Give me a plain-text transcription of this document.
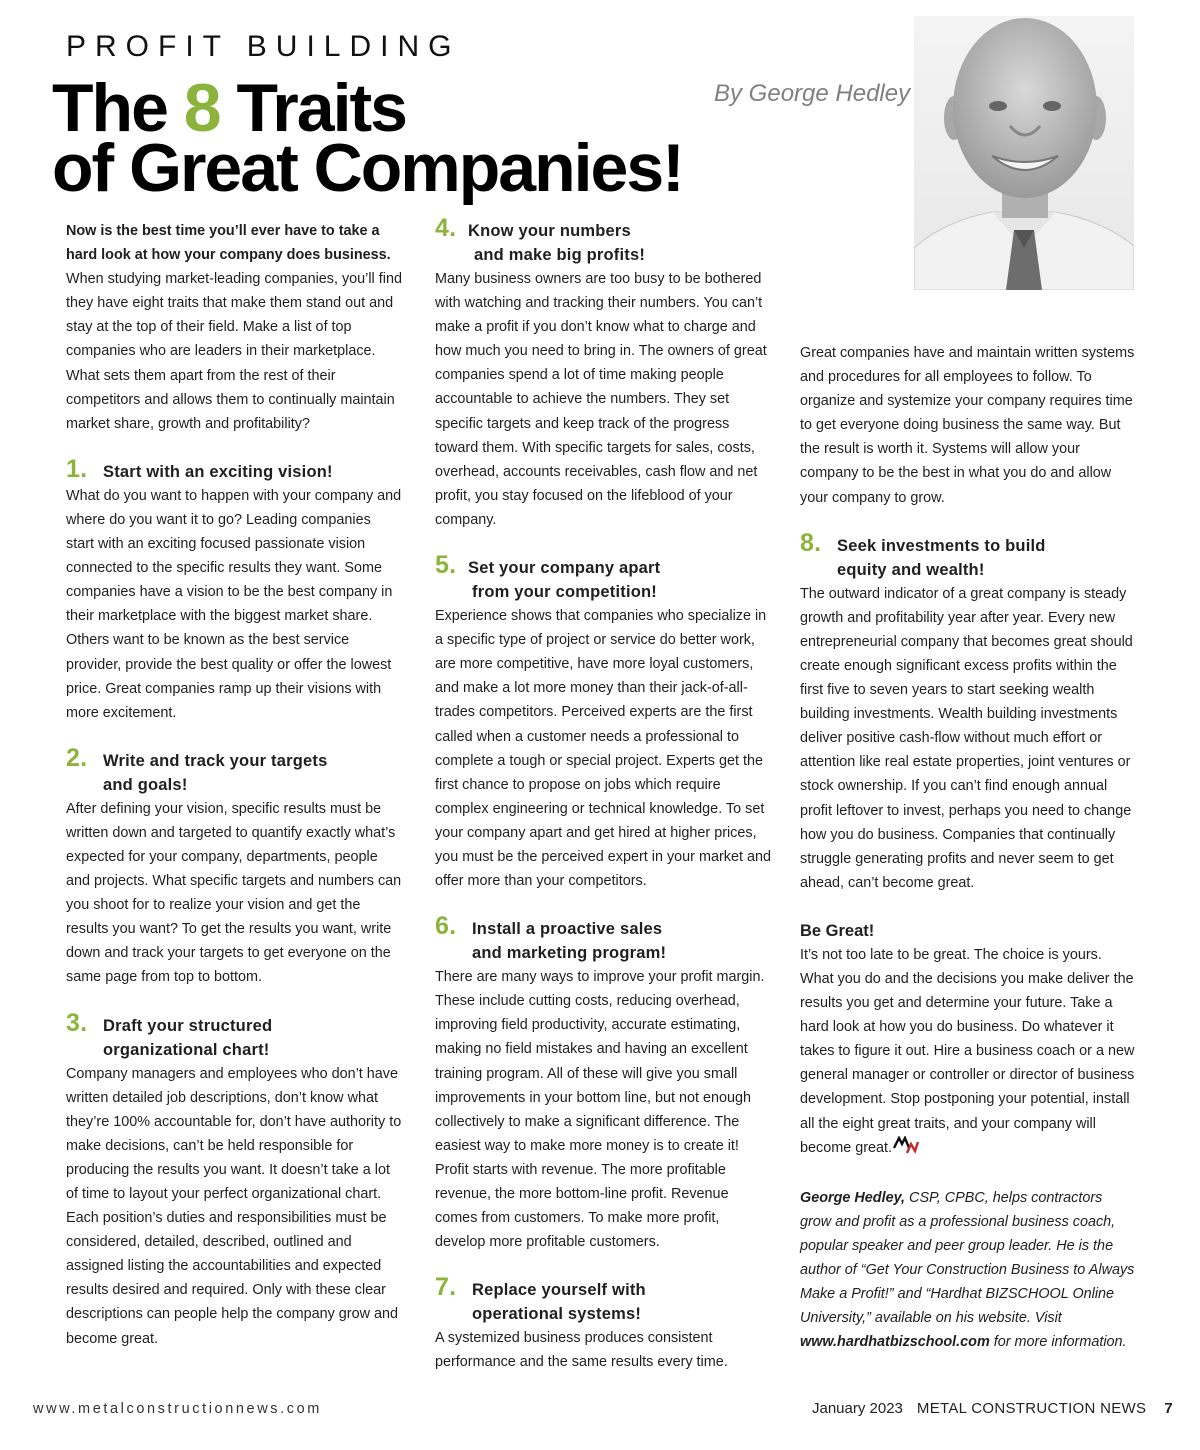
PROFIT BUILDING
The 8 Traits
of Great Companies!
By George Hedley

Now is the best time you’ll ever have to take a hard look at how your company does business. When studying market-leading companies, you’ll find they have eight traits that make them stand out and stay at the top of their field. Make a list of top companies who are leaders in their marketplace. What sets them apart from the rest of their competitors and allows them to continually maintain market share, growth and profitability?

1. Start with an exciting vision!

What do you want to happen with your company and where do you want it to go? Leading companies start with an exciting focused passionate vision connected to the specific results they want. Some companies have a vision to be the best company in their marketplace with the biggest market share. Others want to be known as the best service provider, provide the best quality or offer the lowest price. Great companies ramp up their visions with more excitement.

2. Write and track your targets
and goals!

After defining your vision, specific results must be written down and targeted to quantify exactly what’s expected for your company, departments, people and projects. What specific targets and numbers can you shoot for to realize your vision and get the results you want? To get the results you want, write down and track your targets to get everyone on the same page from top to bottom.

3. Draft your structured
organizational chart!

Company managers and employees who don’t have written detailed job descriptions, don’t know what they’re 100% accountable for, don’t have authority to make decisions, can’t be held responsible for producing the results you want. It doesn’t take a lot of time to layout your perfect organizational chart. Each position’s duties and responsibilities must be considered, detailed, described, outlined and assigned listing the accountabilities and expected results desired and required. Only with these clear descriptions can people help the company grow and become great.

4. Know your numbers
and make big profits!

Many business owners are too busy to be bothered with watching and tracking their numbers. You can’t make a profit if you don’t know what to charge and how much you need to bring in. The owners of great companies spend a lot of time making people accountable to achieve the numbers. They set specific targets and keep track of the progress toward them. With specific targets for sales, costs, overhead, accounts receivables, cash flow and net profit, you stay focused on the lifeblood of your company.

5. Set your company apart
from your competition!

Experience shows that companies who specialize in a specific type of project or service do better work, are more competitive, have more loyal customers, and make a lot more money than their jack-of-all-trades competitors. Perceived experts are the first called when a customer needs a professional to complete a tough or special project. Experts get the first chance to propose on jobs which require complex engineering or technical knowledge. To set your company apart and get hired at higher prices, you must be the perceived expert in your market and offer more than your competitors.

6. Install a proactive sales
and marketing program!

There are many ways to improve your profit margin. These include cutting costs, reducing overhead, improving field productivity, accurate estimating, making no field mistakes and having an excellent training program. All of these will give you small improvements in your bottom line, but not enough collectively to make a significant difference. The easiest way to make more money is to create it! Profit starts with revenue. The more profitable revenue, the more bottom-line profit. Revenue comes from customers. To make more profit, develop more profitable customers.

7. Replace yourself with
operational systems!

A systemized business produces consistent performance and the same results every time.

Great companies have and maintain written systems and procedures for all employees to follow. To organize and systemize your company requires time to get everyone doing business the same way. But the result is worth it. Systems will allow your company to be the best in what you do and allow your company to grow.

8. Seek investments to build
equity and wealth!

The outward indicator of a great company is steady growth and profitability year after year. Every new entrepreneurial company that becomes great should create enough significant excess profits within the first five to seven years to start seeking wealth building investments. Wealth building investments deliver positive cash-flow without much effort or attention like real estate properties, joint ventures or stock ownership. If you can’t find enough annual profit leftover to invest, perhaps you need to change how you do business. Companies that continually struggle generating profits and never seem to get ahead, can’t become great.

Be Great!

It’s not too late to be great. The choice is yours. What you do and the decisions you make deliver the results you get and determine your future. Take a hard look at how you do business. Do whatever it takes to figure it out. Hire a business coach or a new general manager or controller or director of business development. Stop postponing your potential, install all the eight great traits, and your company will become great.

George Hedley, CSP, CPBC, helps contractors grow and profit as a professional business coach, popular speaker and peer group leader. He is the author of “Get Your Construction Business to Always Make a Profit!” and “Hardhat BIZSCHOOL Online University,” available on his website. Visit www.hardhatbizschool.com for more information.

www.metalconstructionnews.com	January 2023 METAL CONSTRUCTION NEWS 7
